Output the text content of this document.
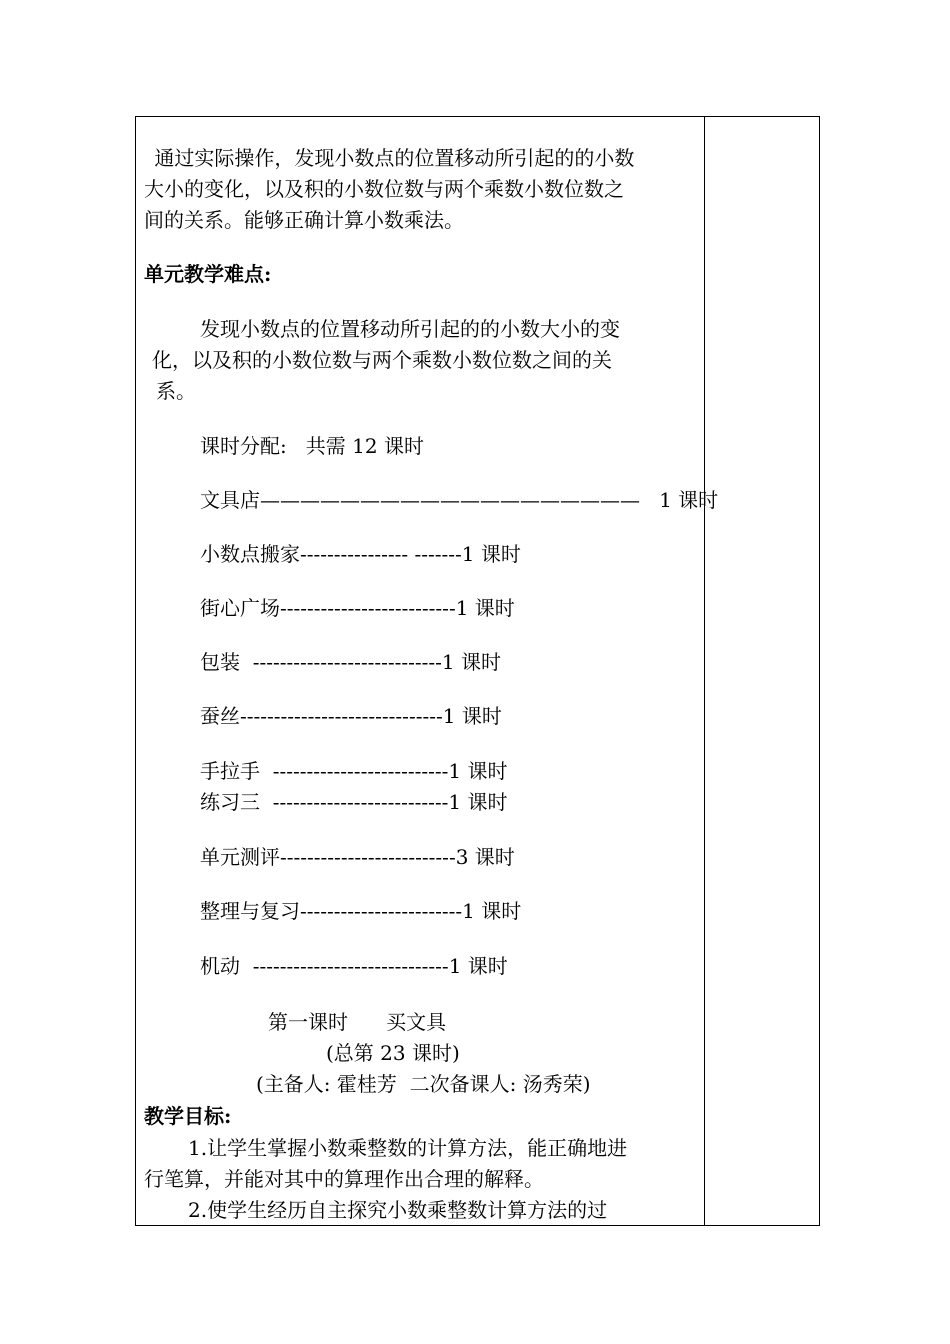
通过实际操作，发现小数点的位置移动所引起的的小数
大小的变化，以及积的小数位数与两个乘数小数位数之
间的关系。能够正确计算小数乘法。
单元教学难点:
发现小数点的位置移动所引起的的小数大小的变
化，以及积的小数位数与两个乘数小数位数之间的关
系。
课时分配:   共需 12 课时
文具店———————————————————   1 课时
小数点搬家---------------- -------1 课时
街心广场--------------------------1 课时
包装  ----------------------------1 课时
蚕丝------------------------------1 课时
手拉手  --------------------------1 课时
练习三  --------------------------1 课时
单元测评--------------------------3 课时
整理与复习------------------------1 课时
机动  -----------------------------1 课时
第一课时      买文具
(总第 23 课时)
(主备人: 霍桂芳  二次备课人: 汤秀荣)
教学目标:
1.让学生掌握小数乘整数的计算方法，能正确地进
行笔算，并能对其中的算理作出合理的解释。
2.使学生经历自主探究小数乘整数计算方法的过
